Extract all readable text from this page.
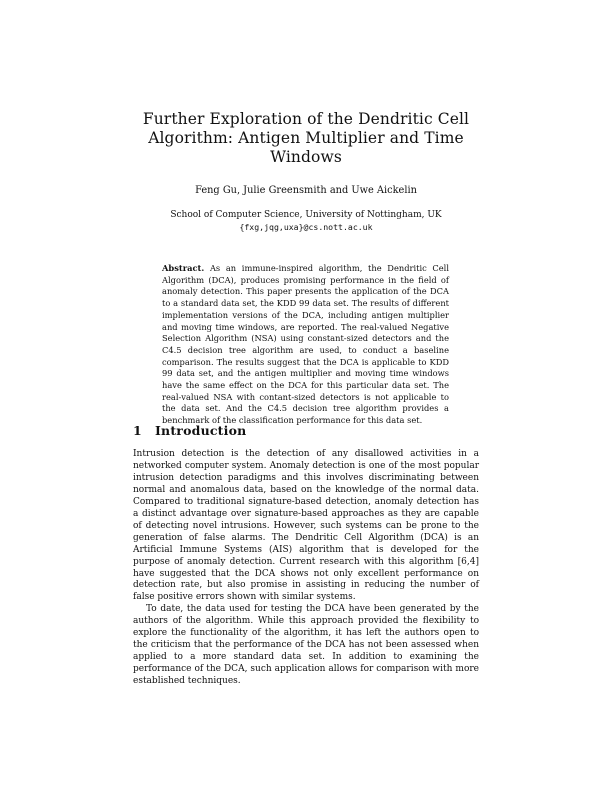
Further Exploration of the Dendritic Cell
Algorithm: Antigen Multiplier and Time
Windows
Feng Gu, Julie Greensmith and Uwe Aickelin
School of Computer Science, University of Nottingham, UK
{fxg,jqg,uxa}@cs.nott.ac.uk
Abstract. As an immune-inspired algorithm, the Dendritic Cell Algorithm (DCA), produces promising performance in the field of anomaly detection. This paper presents the application of the DCA to a standard data set, the KDD 99 data set. The results of different implementation versions of the DCA, including antigen multiplier and moving time windows, are reported. The real-valued Negative Selection Algorithm (NSA) using constant-sized detectors and the C4.5 decision tree algorithm are used, to conduct a baseline comparison. The results suggest that the DCA is applicable to KDD 99 data set, and the antigen multiplier and moving time windows have the same effect on the DCA for this particular data set. The real-valued NSA with contant-sized detectors is not applicable to the data set. And the C4.5 decision tree algorithm provides a benchmark of the classification performance for this data set.
1 Introduction

Intrusion detection is the detection of any disallowed activities in a networked computer system. Anomaly detection is one of the most popular intrusion detection paradigms and this involves discriminating between normal and anomalous data, based on the knowledge of the normal data. Compared to traditional signature-based detection, anomaly detection has a distinct advantage over signature-based approaches as they are capable of detecting novel intrusions. However, such systems can be prone to the generation of false alarms. The Dendritic Cell Algorithm (DCA) is an Artificial Immune Systems (AIS) algorithm that is developed for the purpose of anomaly detection. Current research with this algorithm [6,4] have suggested that the DCA shows not only excellent performance on detection rate, but also promise in assisting in reducing the number of false positive errors shown with similar systems.

To date, the data used for testing the DCA have been generated by the authors of the algorithm. While this approach provided the flexibility to explore the functionality of the algorithm, it has left the authors open to the criticism that the performance of the DCA has not been assessed when applied to a more standard data set. In addition to examining the performance of the DCA, such application allows for comparison with more established techniques.
